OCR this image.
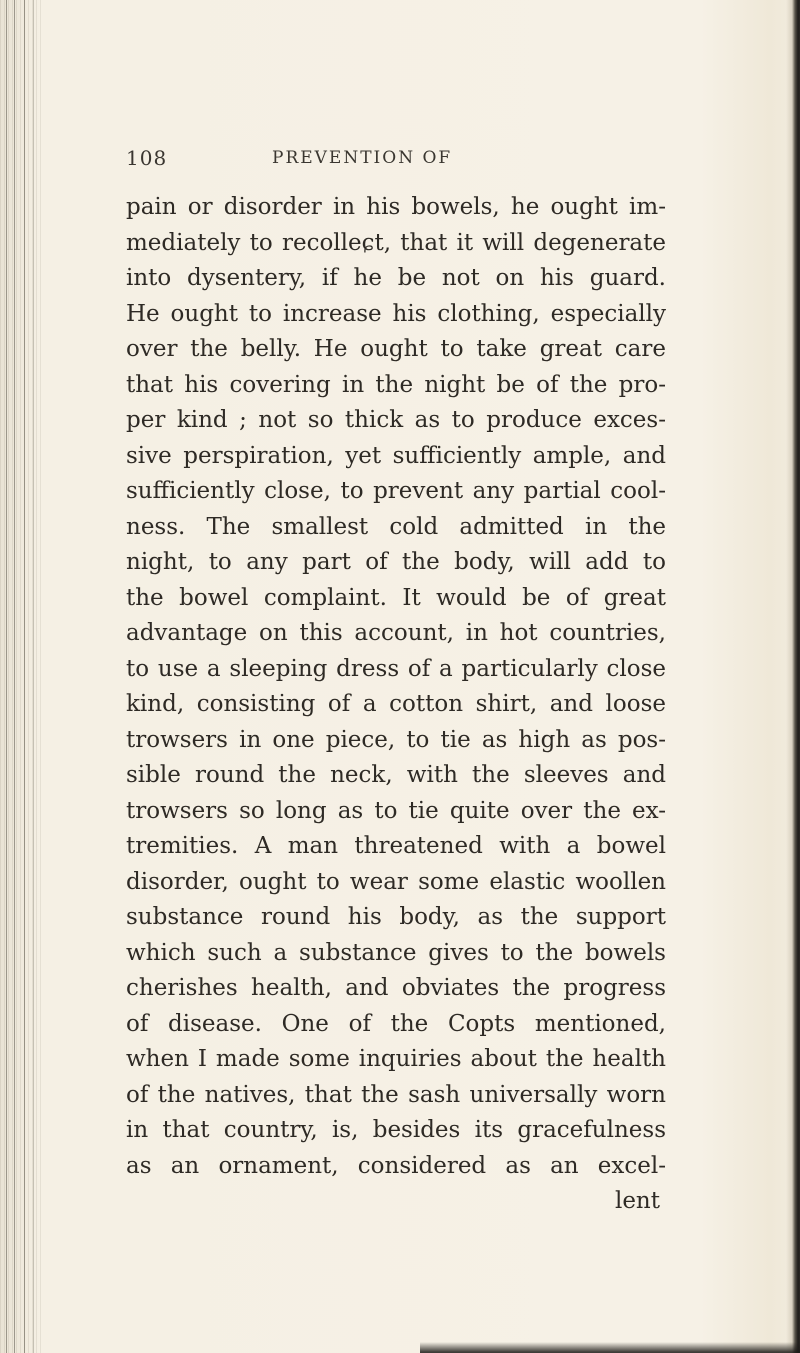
108	PREVENTION OF
pain or disorder in his bowels, he ought im-
mediately to recolleɕt, that it will degenerate
into dysentery, if he be not on his guard.
He ought to increase his clothing, especially
over the belly. He ought to take great care
that his covering in the night be of the pro-
per kind ; not so thick as to produce exces-
sive perspiration, yet sufficiently ample, and
sufficiently close, to prevent any partial cool-
ness. The smallest cold admitted in the
night, to any part of the body, will add to
the bowel complaint. It would be of great
advantage on this account, in hot countries,
to use a sleeping dress of a particularly close
kind, consisting of a cotton shirt, and loose
trowsers in one piece, to tie as high as pos-
sible round the neck, with the sleeves and
trowsers so long as to tie quite over the ex-
tremities. A man threatened with a bowel
disorder, ought to wear some elastic woollen
substance round his body, as the support
which such a substance gives to the bowels
cherishes health, and obviates the progress
of disease. One of the Copts mentioned,
when I made some inquiries about the health
of the natives, that the sash universally worn
in that country, is, besides its gracefulness
as an ornament, considered as an excel-
lent
